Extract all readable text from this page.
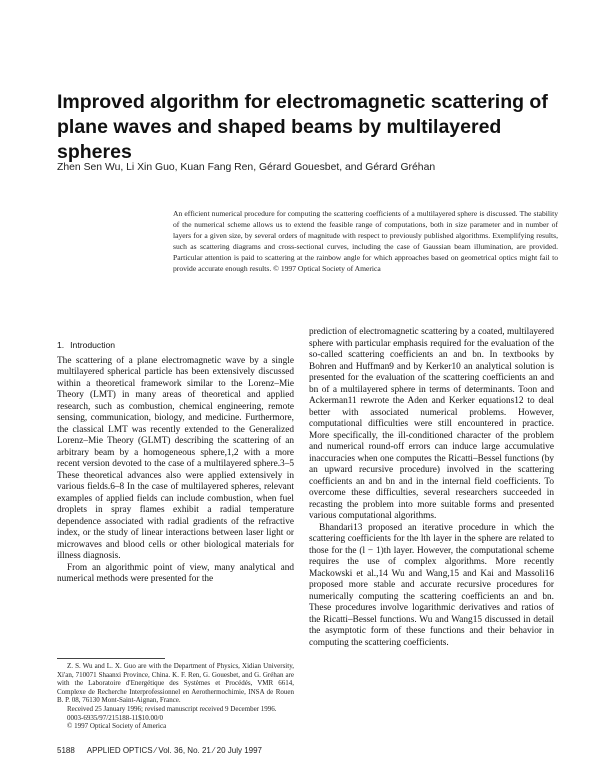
Improved algorithm for electromagnetic scattering of plane waves and shaped beams by multilayered spheres
Zhen Sen Wu, Li Xin Guo, Kuan Fang Ren, Gérard Gouesbet, and Gérard Gréhan
An efficient numerical procedure for computing the scattering coefficients of a multilayered sphere is discussed. The stability of the numerical scheme allows us to extend the feasible range of computations, both in size parameter and in number of layers for a given size, by several orders of magnitude with respect to previously published algorithms. Exemplifying results, such as scattering diagrams and cross-sectional curves, including the case of Gaussian beam illumination, are provided. Particular attention is paid to scattering at the rainbow angle for which approaches based on geometrical optics might fail to provide accurate enough results. © 1997 Optical Society of America
1. Introduction

The scattering of a plane electromagnetic wave by a single multilayered spherical particle has been extensively discussed within a theoretical framework similar to the Lorenz–Mie Theory (LMT) in many areas of theoretical and applied research, such as combustion, chemical engineering, remote sensing, communication, biology, and medicine. Furthermore, the classical LMT was recently extended to the Generalized Lorenz–Mie Theory (GLMT) describing the scattering of an arbitrary beam by a homogeneous sphere,1,2 with a more recent version devoted to the case of a multilayered sphere.3–5 These theoretical advances also were applied extensively in various fields.6–8 In the case of multilayered spheres, relevant examples of applied fields can include combustion, when fuel droplets in spray flames exhibit a radial temperature dependence associated with radial gradients of the refractive index, or the study of linear interactions between laser light or microwaves and blood cells or other biological materials for illness diagnosis.

From an algorithmic point of view, many analytical and numerical methods were presented for the

prediction of electromagnetic scattering by a coated, multilayered sphere with particular emphasis required for the evaluation of the so-called scattering coefficients an and bn. In textbooks by Bohren and Huffman9 and by Kerker10 an analytical solution is presented for the evaluation of the scattering coefficients an and bn of a multilayered sphere in terms of determinants. Toon and Ackerman11 rewrote the Aden and Kerker equations12 to deal better with associated numerical problems. However, computational difficulties were still encountered in practice. More specifically, the ill-conditioned character of the problem and numerical round-off errors can induce large accumulative inaccuracies when one computes the Ricatti–Bessel functions (by an upward recursive procedure) involved in the scattering coefficients an and bn and in the internal field coefficients. To overcome these difficulties, several researchers succeeded in recasting the problem into more suitable forms and presented various computational algorithms.

Bhandari13 proposed an iterative procedure in which the scattering coefficients for the lth layer in the sphere are related to those for the (l − 1)th layer. However, the computational scheme requires the use of complex algorithms. More recently Mackowski et al.,14 Wu and Wang,15 and Kai and Massoli16 proposed more stable and accurate recursive procedures for numerically computing the scattering coefficients an and bn. These procedures involve logarithmic derivatives and ratios of the Ricatti–Bessel functions. Wu and Wang15 discussed in detail the asymptotic form of these functions and their behavior in computing the scattering coefficients.

Z. S. Wu and L. X. Guo are with the Department of Physics, Xidian University, Xi'an, 710071 Shaanxi Province, China. K. F. Ren, G. Gouesbet, and G. Gréhan are with the Laboratoire d'Energétique des Systèmes et Procédés, VMR 6614, Complexe de Recherche Interprofessionnel en Aerothermochimie, INSA de Rouen B. P. 08, 76130 Mont-Saint-Aignan, France.

Received 25 January 1996; revised manuscript received 9 December 1996.

0003-6935/97/215188-11$10.00/0

© 1997 Optical Society of America

5188 APPLIED OPTICS ⁄ Vol. 36, No. 21 ⁄ 20 July 1997
